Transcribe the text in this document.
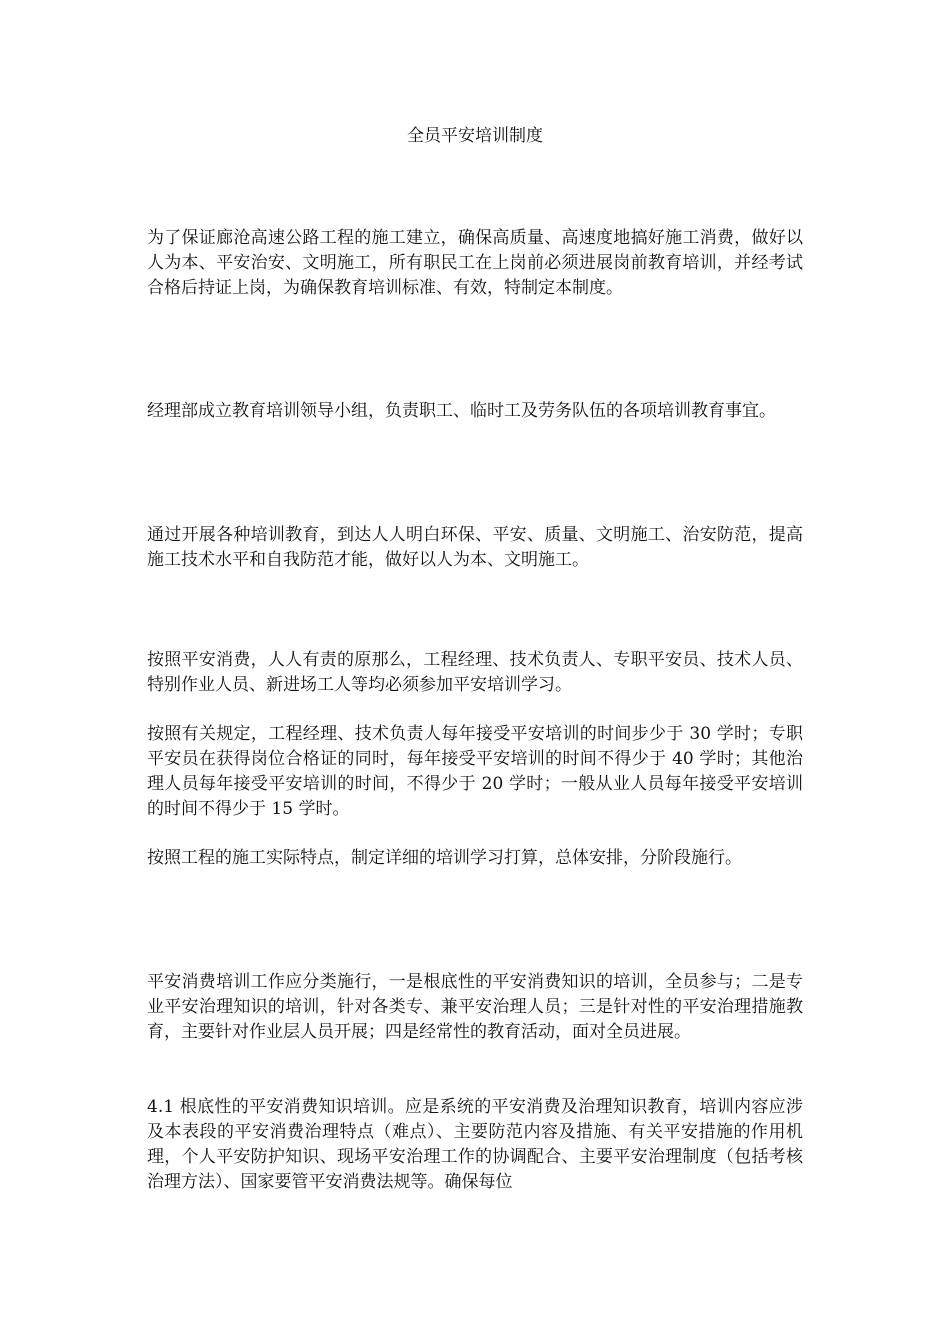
全员平安培训制度

为了保证廊沧高速公路工程的施工建立，确保高质量、高速度地搞好施工消费，做好以人为本、平安治安、文明施工，所有职民工在上岗前必须进展岗前教育培训，并经考试合格后持证上岗，为确保教育培训标准、有效，特制定本制度。

经理部成立教育培训领导小组，负责职工、临时工及劳务队伍的各项培训教育事宜。

通过开展各种培训教育，到达人人明白环保、平安、质量、文明施工、治安防范，提高施工技术水平和自我防范才能，做好以人为本、文明施工。

按照平安消费，人人有责的原那么，工程经理、技术负责人、专职平安员、技术人员、特别作业人员、新进场工人等均必须参加平安培训学习。

按照有关规定，工程经理、技术负责人每年接受平安培训的时间步少于 30 学时；专职平安员在获得岗位合格证的同时，每年接受平安培训的时间不得少于 40 学时；其他治理人员每年接受平安培训的时间，不得少于 20 学时；一般从业人员每年接受平安培训的时间不得少于 15 学时。

按照工程的施工实际特点，制定详细的培训学习打算，总体安排，分阶段施行。

平安消费培训工作应分类施行，一是根底性的平安消费知识的培训，全员参与；二是专业平安治理知识的培训，针对各类专、兼平安治理人员；三是针对性的平安治理措施教育，主要针对作业层人员开展；四是经常性的教育活动，面对全员进展。

4.1 根底性的平安消费知识培训。应是系统的平安消费及治理知识教育，培训内容应涉及本表段的平安消费治理特点（难点）、主要防范内容及措施、有关平安措施的作用机理，个人平安防护知识、现场平安治理工作的协调配合、主要平安治理制度（包括考核治理方法）、国家要管平安消费法规等。确保每位
